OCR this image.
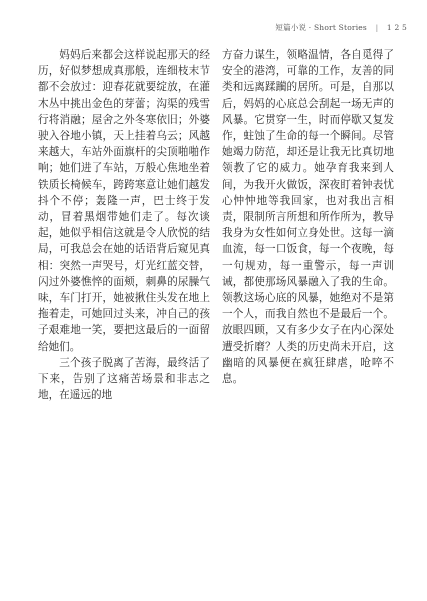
短篇小说 · Short Stories | 1 2 5

妈妈后来都会这样说起那天的经历，好似梦想成真那般，连细枝末节都不会放过：迎春花就要绽放，在灌木丛中挑出金色的芽蕾；沟渠的残雪行将消融；屋舍之外冬寒依旧；外婆驶入谷地小镇，天上挂着乌云；风越来越大，车站外面旗杆的尖顶啪啪作响；她们进了车站，万般心焦地坐着铁质长椅候车，跨跨寒意让她们越发抖个不停；轰隆一声，巴士终于发动，冒着黑烟带她们走了。每次谈起，她似乎相信这就是令人欣悦的结局，可我总会在她的话语背后窥见真相：突然一声哭号，灯光红蓝交替，闪过外婆憔悴的面颊，刺鼻的尿臊气味，车门打开，她被揪住头发在地上拖着走，可她回过头来，冲自己的孩子艰难地一笑，要把这最后的一面留给她们。

三个孩子脱离了苦海，最终活了下来，告别了这痛苦场景和非志之地，在遥远的地

方奋力谋生，领略温情，各自觅得了安全的港湾，可靠的工作，友善的同类和远离蹂躏的居所。可是，自那以后，妈妈的心底总会刮起一场无声的风暴。它贯穿一生，时而停歇又复发作，蛀蚀了生命的每一个瞬间。尽管她竭力防范，却还是让我无比真切地领教了它的威力。她孕育我来到人间，为我开火做饭，深夜盯着钟表忧心忡忡地等我回家，也对我出言相责，限制所言所想和所作所为，教导我身为女性如何立身处世。这每一滴血流，每一口饭食，每一个夜晚，每一句规劝，每一重警示，每一声训诫，都使那场风暴融入了我的生命。领教这场心底的风暴，她绝对不是第一个人，而我自然也不是最后一个。放眼四顾，又有多少女子在内心深处遭受折磨？人类的历史尚未开启，这幽暗的风暴便在疯狂肆虐，呛啐不息。
